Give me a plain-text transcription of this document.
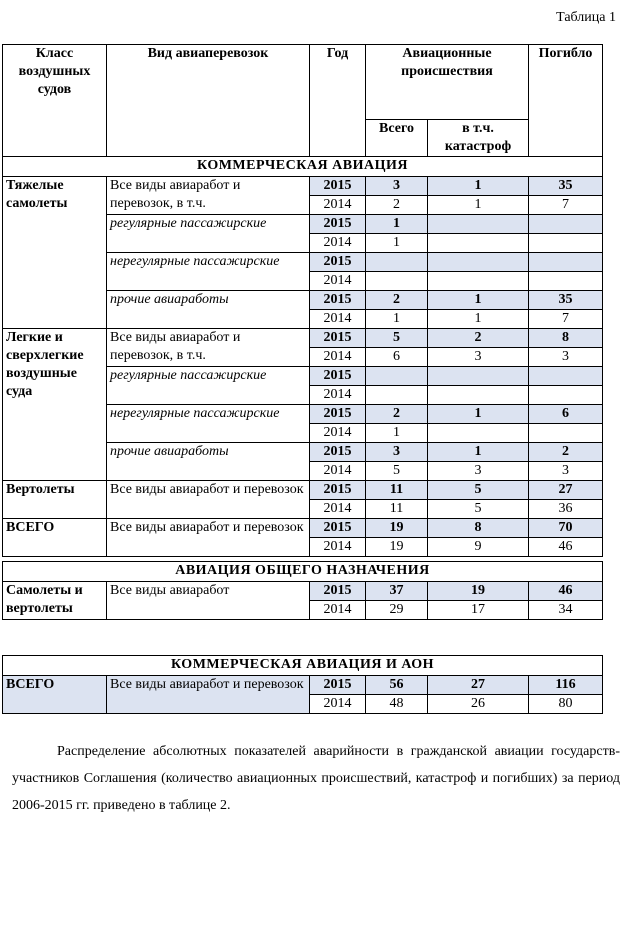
Таблица 1
Класс воздушных судов	Вид авиаперевозок	Год	Авиационные происшествия		Погибло
			Всего	в т.ч. катастроф	
КОММЕРЧЕСКАЯ АВИАЦИЯ					
Тяжелые самолеты	Все виды авиаработ и перевозок, в т.ч.	2015	3	1	35
		2014	2	1	7
	регулярные пассажирские	2015	1		
		2014	1		
	нерегулярные пассажирские	2015			
		2014			
	прочие авиаработы	2015	2	1	35
		2014	1	1	7
Легкие и сверхлегкие воздушные суда	Все виды авиаработ и перевозок, в т.ч.	2015	5	2	8
		2014	6	3	3
	регулярные пассажирские	2015			
		2014			
	нерегулярные пассажирские	2015	2	1	6
		2014	1		
	прочие авиаработы	2015	3	1	2
		2014	5	3	3
Вертолеты	Все виды авиаработ и перевозок	2015	11	5	27
		2014	11	5	36
ВСЕГО	Все виды авиаработ и перевозок	2015	19	8	70
		2014	19	9	46
АВИАЦИЯ ОБЩЕГО НАЗНАЧЕНИЯ					
Самолеты и вертолеты	Все виды авиаработ	2015	37	19	46
		2014	29	17	34
КОММЕРЧЕСКАЯ АВИАЦИЯ И АОН					
ВСЕГО	Все виды авиаработ и перевозок	2015	56	27	116
		2014	48	26	80

Распределение абсолютных показателей аварийности в гражданской авиации государств-участников Соглашения (количество авиационных происшествий, катастроф и погибших) за период 2006-2015 гг. приведено в таблице 2.
